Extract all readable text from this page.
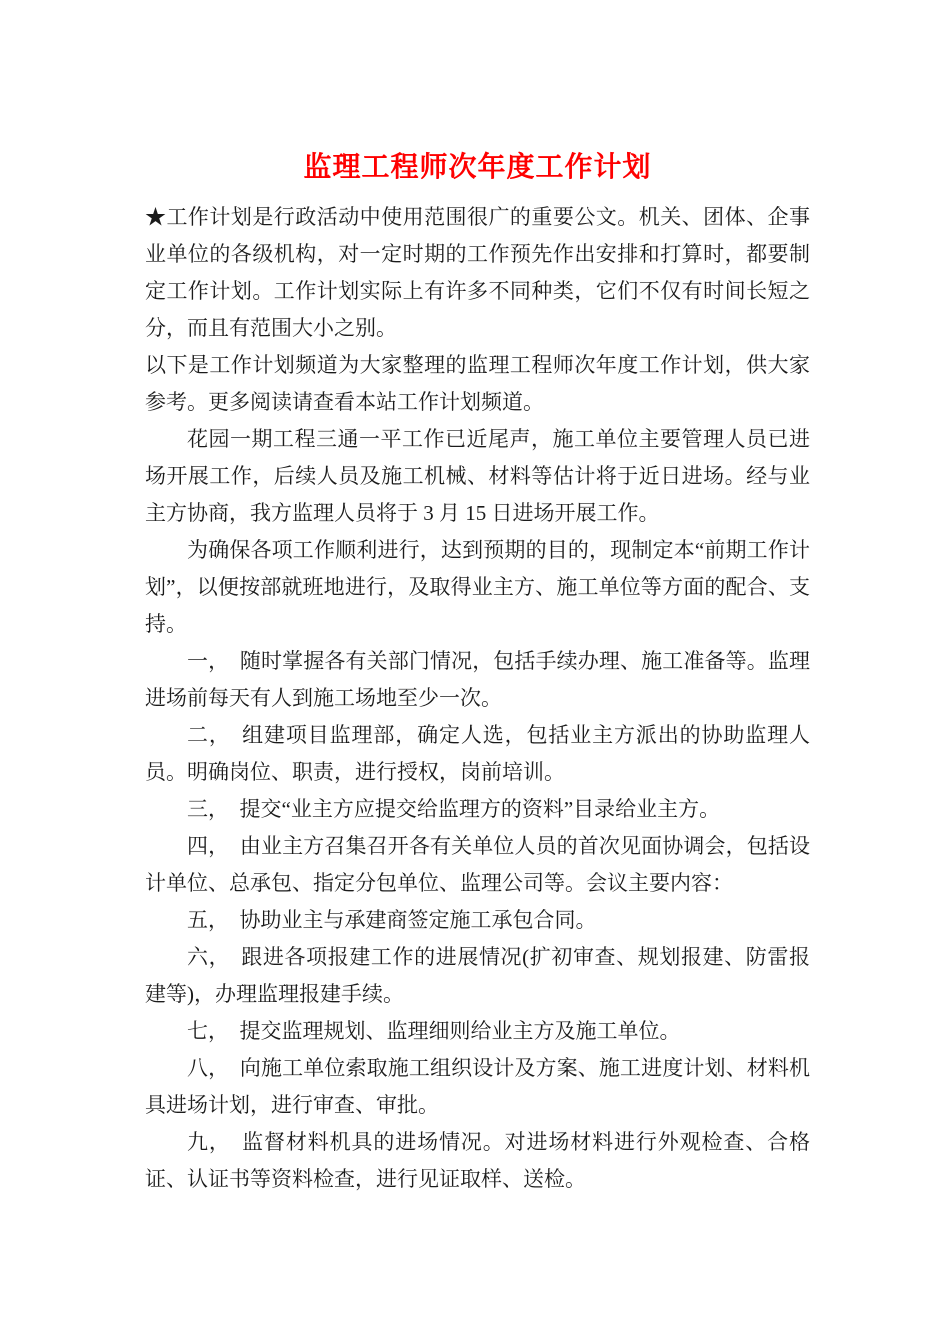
监理工程师次年度工作计划

★工作计划是行政活动中使用范围很广的重要公文。机关、团体、企事业单位的各级机构，对一定时期的工作预先作出安排和打算时，都要制定工作计划。工作计划实际上有许多不同种类，它们不仅有时间长短之分，而且有范围大小之别。

以下是工作计划频道为大家整理的监理工程师次年度工作计划，供大家参考。更多阅读请查看本站工作计划频道。

花园一期工程三通一平工作已近尾声，施工单位主要管理人员已进场开展工作，后续人员及施工机械、材料等估计将于近日进场。经与业主方协商，我方监理人员将于 3 月 15 日进场开展工作。

为确保各项工作顺利进行，达到预期的目的，现制定本“前期工作计划”，以便按部就班地进行，及取得业主方、施工单位等方面的配合、支持。

一，　随时掌握各有关部门情况，包括手续办理、施工准备等。监理进场前每天有人到施工场地至少一次。

二，　组建项目监理部，确定人选，包括业主方派出的协助监理人员。明确岗位、职责，进行授权，岗前培训。

三，　提交“业主方应提交给监理方的资料”目录给业主方。

四，　由业主方召集召开各有关单位人员的首次见面协调会，包括设计单位、总承包、指定分包单位、监理公司等。会议主要内容：

五，　协助业主与承建商签定施工承包合同。

六，　跟进各项报建工作的进展情况(扩初审查、规划报建、防雷报建等)，办理监理报建手续。

七，　提交监理规划、监理细则给业主方及施工单位。

八，　向施工单位索取施工组织设计及方案、施工进度计划、材料机具进场计划，进行审查、审批。

九，　监督材料机具的进场情况。对进场材料进行外观检查、合格证、认证书等资料检查，进行见证取样、送检。
